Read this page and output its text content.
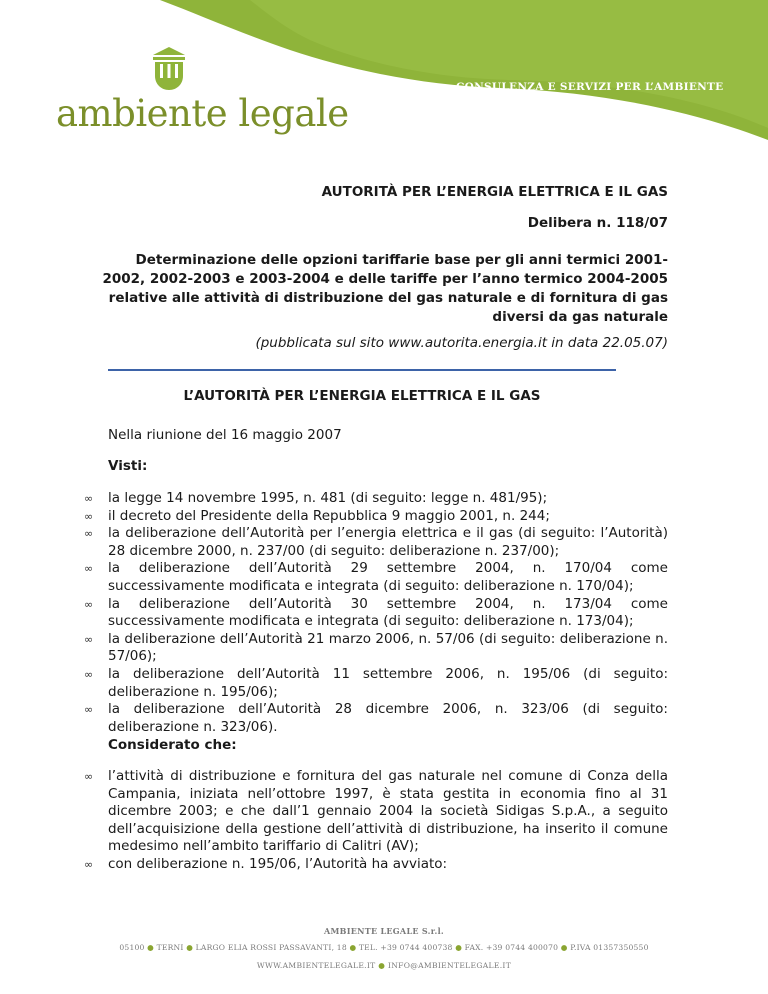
ambiente legale
CONSULENZA E SERVIZI PER L’AMBIENTE
AUTORITÀ PER L’ENERGIA ELETTRICA E IL GAS
Delibera n. 118/07
Determinazione delle opzioni tariffarie base per gli anni termici 2001-2002, 2002-2003 e 2003-2004 e delle tariffe per l’anno termico 2004-2005 relative alle attività di distribuzione del gas naturale e di fornitura di gas diversi da gas naturale
(pubblicata sul sito www.autorita.energia.it in data 22.05.07)
L’AUTORITÀ PER L’ENERGIA ELETTRICA E IL GAS
Nella riunione del 16 maggio 2007
Visti:
∞ la legge 14 novembre 1995, n. 481 (di seguito: legge n. 481/95);
∞ il decreto del Presidente della Repubblica 9 maggio 2001, n. 244;
∞ la deliberazione dell’Autorità per l’energia elettrica e il gas (di seguito: l’Autorità) 28 dicembre 2000, n. 237/00 (di seguito: deliberazione n. 237/00);
∞ la deliberazione dell’Autorità 29 settembre 2004, n. 170/04 come successivamente modificata e integrata (di seguito: deliberazione n. 170/04);
∞ la deliberazione dell’Autorità 30 settembre 2004, n. 173/04 come successivamente modificata e integrata (di seguito: deliberazione n. 173/04);
∞ la deliberazione dell’Autorità 21 marzo 2006, n. 57/06 (di seguito: deliberazione n. 57/06);
∞ la deliberazione dell’Autorità 11 settembre 2006, n. 195/06 (di seguito: deliberazione n. 195/06);
∞ la deliberazione dell’Autorità 28 dicembre 2006, n. 323/06 (di seguito: deliberazione n. 323/06).
Considerato che:
∞ l’attività di distribuzione e fornitura del gas naturale nel comune di Conza della Campania, iniziata nell’ottobre 1997, è stata gestita in economia fino al 31 dicembre 2003; e che dall’1 gennaio 2004 la società Sidigas S.p.A., a seguito dell’acquisizione della gestione dell’attività di distribuzione, ha inserito il comune medesimo nell’ambito tariffario di Calitri (AV);
∞ con deliberazione n. 195/06, l’Autorità ha avviato:
AMBIENTE LEGALE S.r.l.
05100 ● TERNI ● LARGO ELIA ROSSI PASSAVANTI, 18 ● TEL. +39 0744 400738 ● FAX. +39 0744 400070 ● P.IVA 01357350550
WWW.AMBIENTELEGALE.IT ● INFO@AMBIENTELEGALE.IT
